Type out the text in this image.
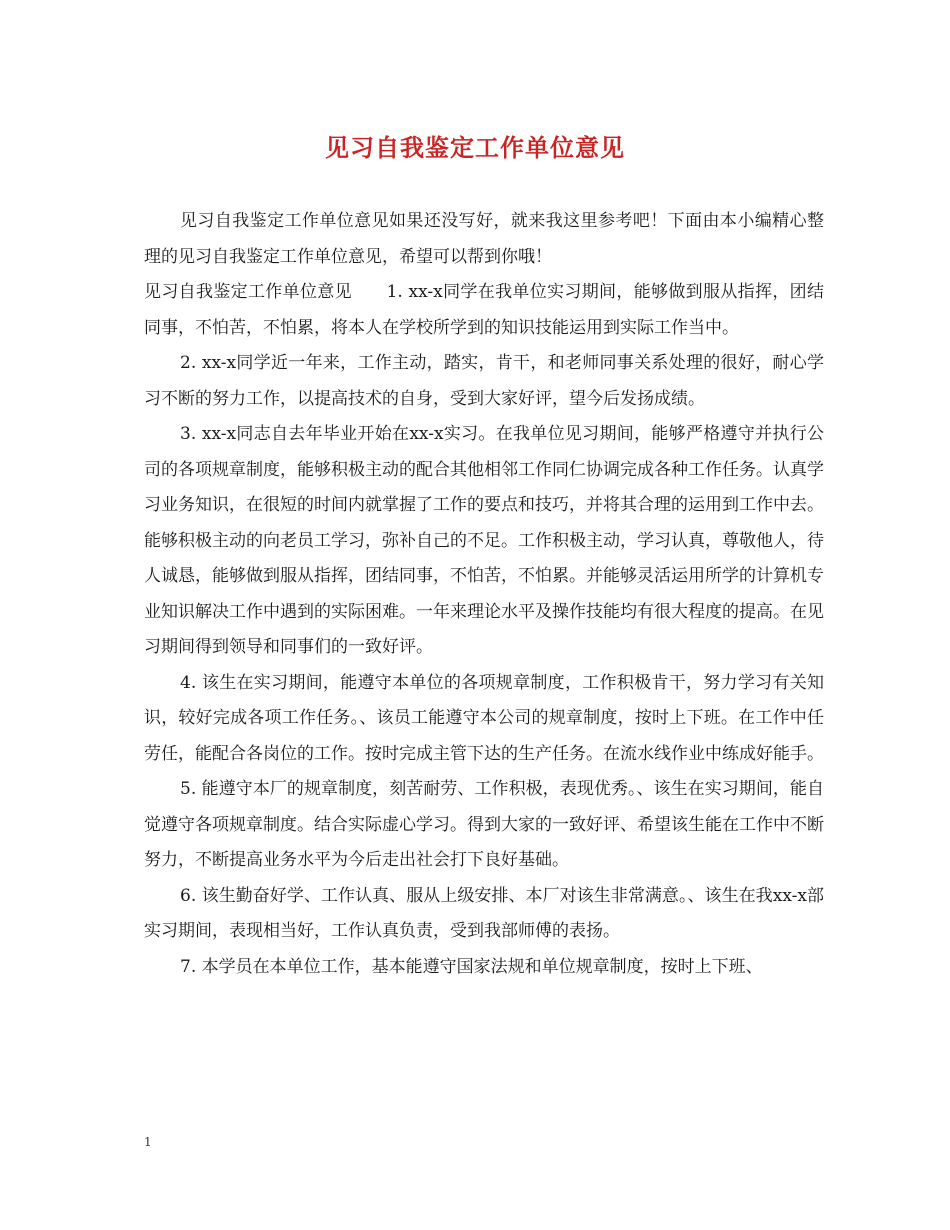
见习自我鉴定工作单位意见

见习自我鉴定工作单位意见如果还没写好，就来我这里参考吧！下面由本小编精心整理的见习自我鉴定工作单位意见，希望可以帮到你哦！

见习自我鉴定工作单位意见　　1. xx-x同学在我单位实习期间，能够做到服从指挥，团结同事，不怕苦，不怕累，将本人在学校所学到的知识技能运用到实际工作当中。

2. xx-x同学近一年来，工作主动，踏实，肯干，和老师同事关系处理的很好，耐心学习不断的努力工作，以提高技术的自身，受到大家好评，望今后发扬成绩。

3. xx-x同志自去年毕业开始在xx-x实习。在我单位见习期间，能够严格遵守并执行公司的各项规章制度，能够积极主动的配合其他相邻工作同仁协调完成各种工作任务。认真学习业务知识，在很短的时间内就掌握了工作的要点和技巧，并将其合理的运用到工作中去。能够积极主动的向老员工学习，弥补自己的不足。工作积极主动，学习认真，尊敬他人，待人诚恳，能够做到服从指挥，团结同事，不怕苦，不怕累。并能够灵活运用所学的计算机专业知识解决工作中遇到的实际困难。一年来理论水平及操作技能均有很大程度的提高。在见习期间得到领导和同事们的一致好评。

4. 该生在实习期间，能遵守本单位的各项规章制度，工作积极肯干，努力学习有关知识，较好完成各项工作任务。、该员工能遵守本公司的规章制度，按时上下班。在工作中任劳任，能配合各岗位的工作。按时完成主管下达的生产任务。在流水线作业中练成好能手。

5. 能遵守本厂的规章制度，刻苦耐劳、工作积极，表现优秀。、该生在实习期间，能自觉遵守各项规章制度。结合实际虚心学习。得到大家的一致好评、希望该生能在工作中不断努力，不断提高业务水平为今后走出社会打下良好基础。

6. 该生勤奋好学、工作认真、服从上级安排、本厂对该生非常满意。、该生在我xx-x部实习期间，表现相当好，工作认真负责，受到我部师傅的表扬。

7. 本学员在本单位工作，基本能遵守国家法规和单位规章制度，按时上下班、

1
